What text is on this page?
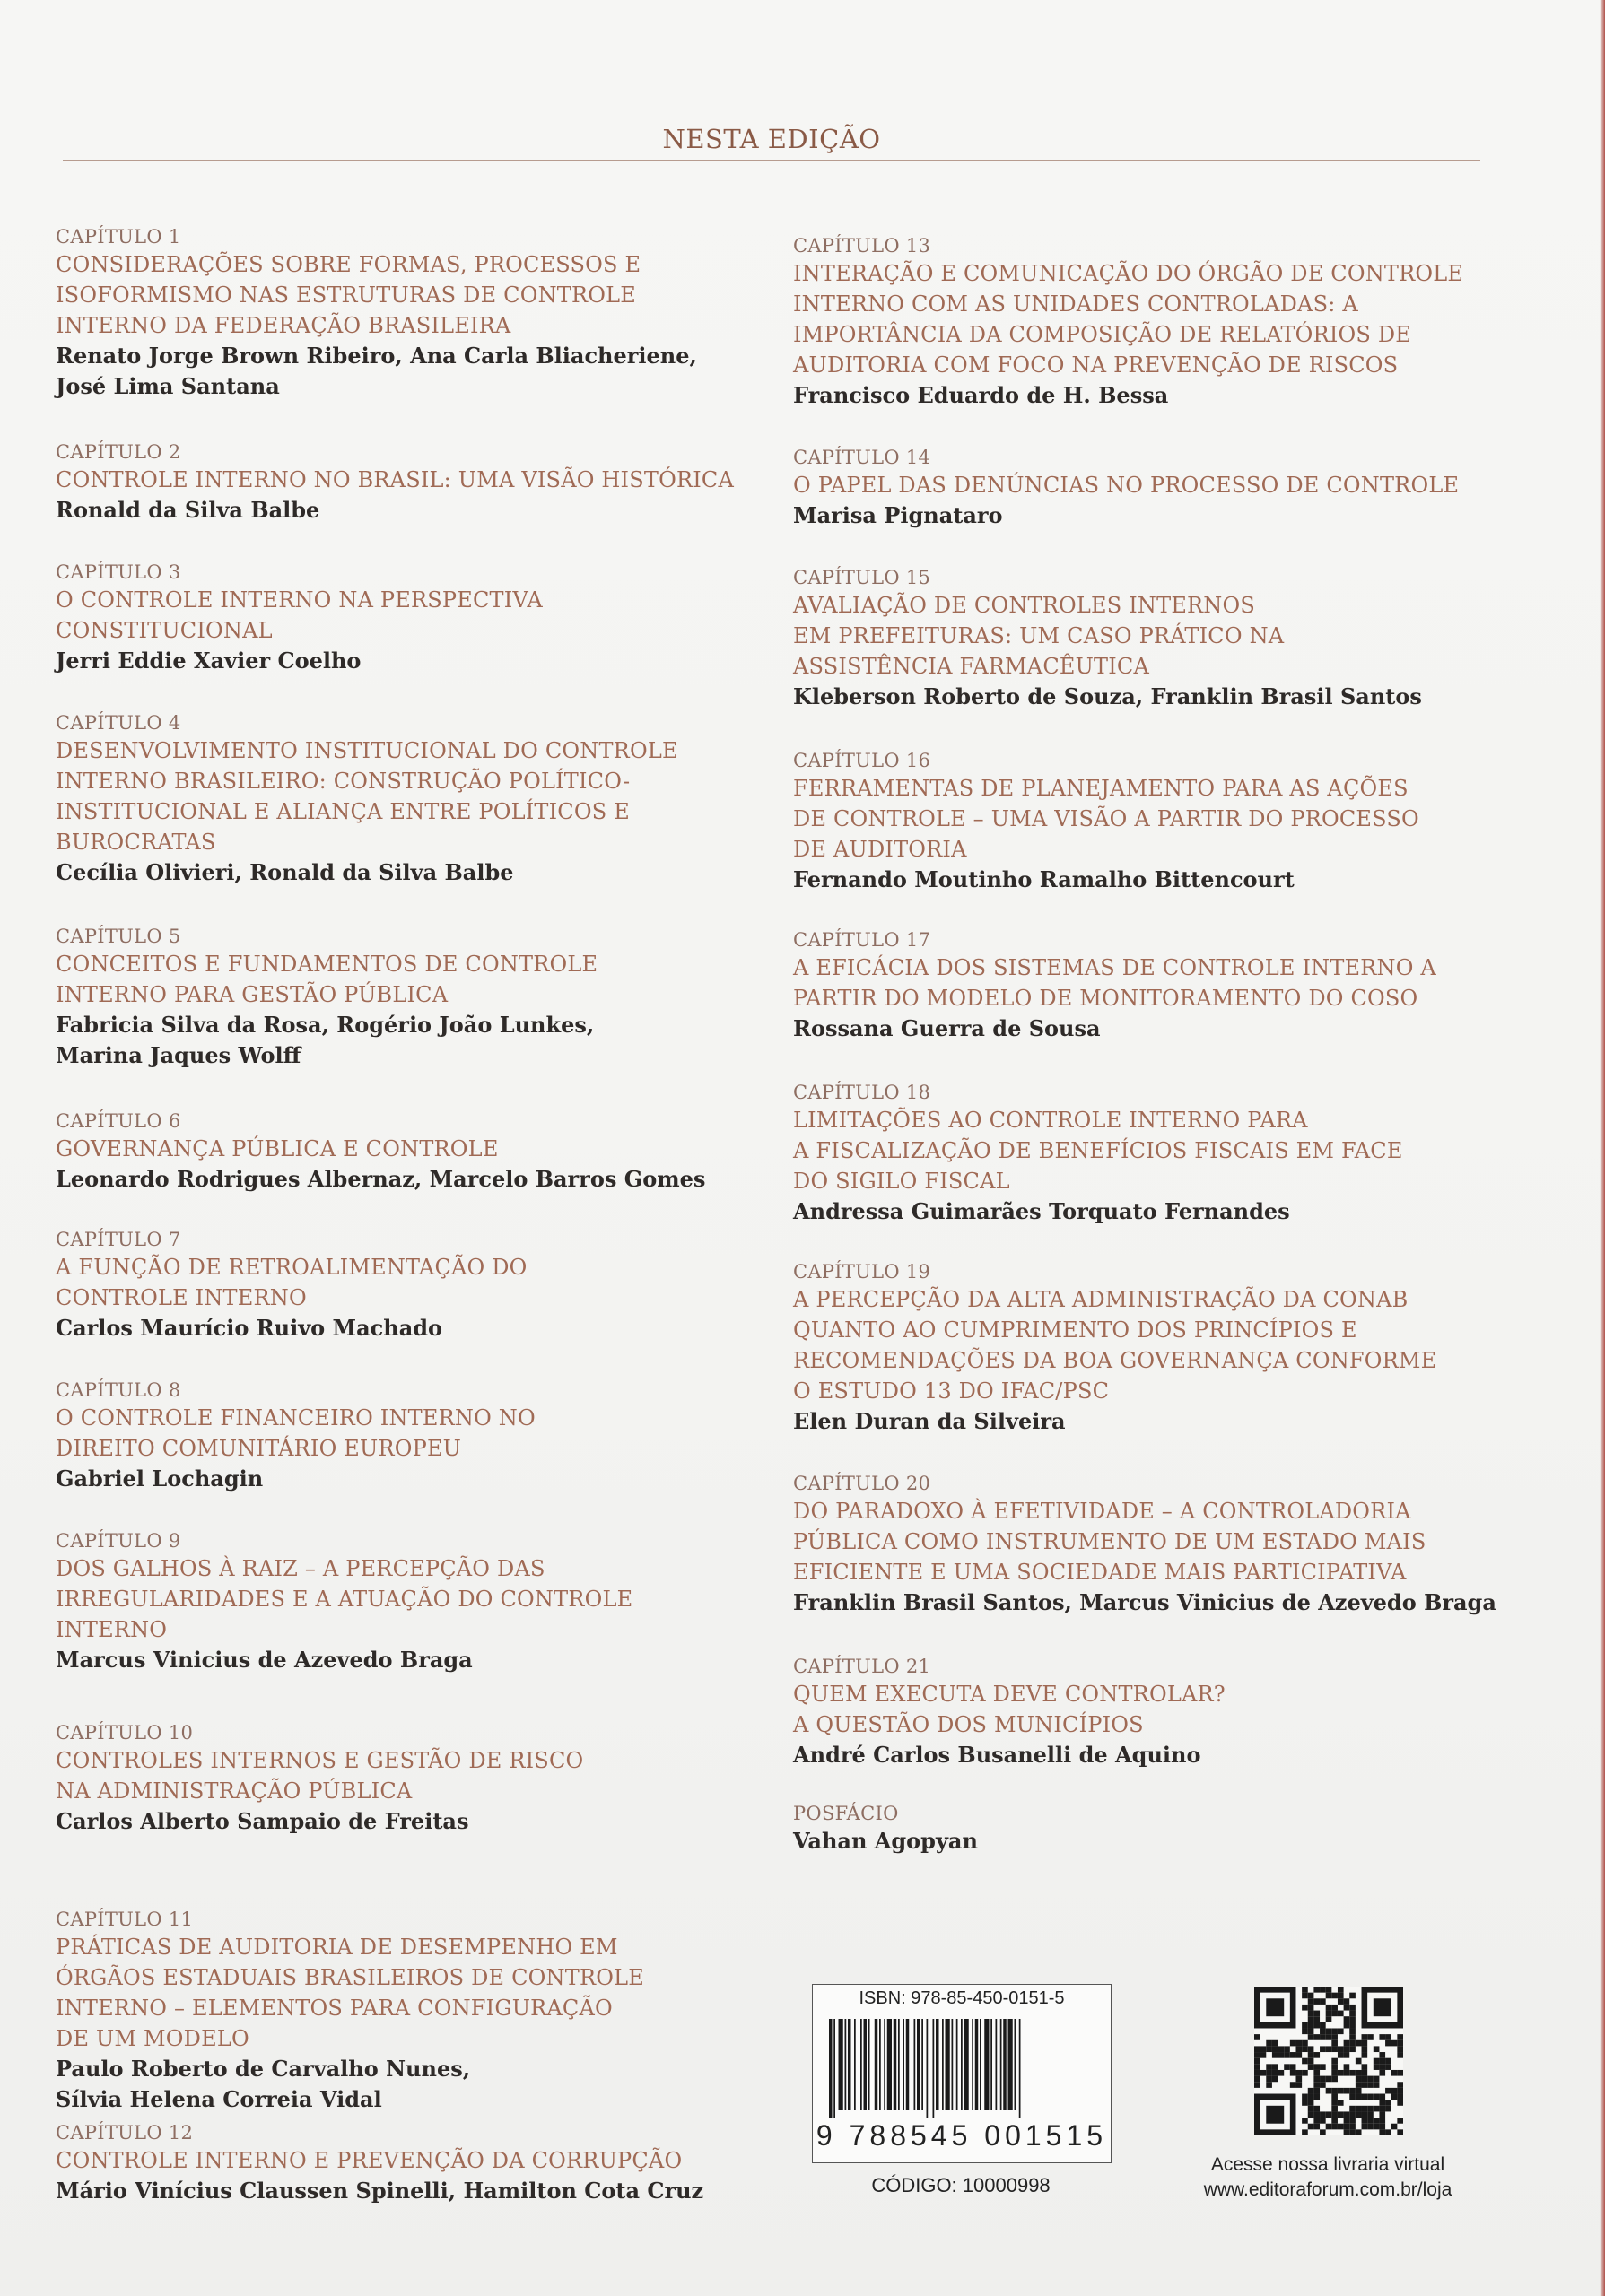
NESTA EDIÇÃO
CAPÍTULO 1
CONSIDERAÇÕES SOBRE FORMAS, PROCESSOS E
ISOFORMISMO NAS ESTRUTURAS DE CONTROLE
INTERNO DA FEDERAÇÃO BRASILEIRA
Renato Jorge Brown Ribeiro, Ana Carla Bliacheriene,
José Lima Santana
CAPÍTULO 2
CONTROLE INTERNO NO BRASIL: UMA VISÃO HISTÓRICA
Ronald da Silva Balbe
CAPÍTULO 3
O CONTROLE INTERNO NA PERSPECTIVA
CONSTITUCIONAL
Jerri Eddie Xavier Coelho
CAPÍTULO 4
DESENVOLVIMENTO INSTITUCIONAL DO CONTROLE
INTERNO BRASILEIRO: CONSTRUÇÃO POLÍTICO-
INSTITUCIONAL E ALIANÇA ENTRE POLÍTICOS E
BUROCRATAS
Cecília Olivieri, Ronald da Silva Balbe
CAPÍTULO 5
CONCEITOS E FUNDAMENTOS DE CONTROLE
INTERNO PARA GESTÃO PÚBLICA
Fabricia Silva da Rosa, Rogério João Lunkes,
Marina Jaques Wolff
CAPÍTULO 6
GOVERNANÇA PÚBLICA E CONTROLE
Leonardo Rodrigues Albernaz, Marcelo Barros Gomes
CAPÍTULO 7
A FUNÇÃO DE RETROALIMENTAÇÃO DO
CONTROLE INTERNO
Carlos Maurício Ruivo Machado
CAPÍTULO 8
O CONTROLE FINANCEIRO INTERNO NO
DIREITO COMUNITÁRIO EUROPEU
Gabriel Lochagin
CAPÍTULO 9
DOS GALHOS À RAIZ – A PERCEPÇÃO DAS
IRREGULARIDADES E A ATUAÇÃO DO CONTROLE
INTERNO
Marcus Vinicius de Azevedo Braga
CAPÍTULO 10
CONTROLES INTERNOS E GESTÃO DE RISCO
NA ADMINISTRAÇÃO PÚBLICA
Carlos Alberto Sampaio de Freitas
CAPÍTULO 11
PRÁTICAS DE AUDITORIA DE DESEMPENHO EM
ÓRGÃOS ESTADUAIS BRASILEIROS DE CONTROLE
INTERNO – ELEMENTOS PARA CONFIGURAÇÃO
DE UM MODELO
Paulo Roberto de Carvalho Nunes,
Sílvia Helena Correia Vidal
CAPÍTULO 12
CONTROLE INTERNO E PREVENÇÃO DA CORRUPÇÃO
Mário Vinícius Claussen Spinelli, Hamilton Cota Cruz
CAPÍTULO 13
INTERAÇÃO E COMUNICAÇÃO DO ÓRGÃO DE CONTROLE
INTERNO COM AS UNIDADES CONTROLADAS: A
IMPORTÂNCIA DA COMPOSIÇÃO DE RELATÓRIOS DE
AUDITORIA COM FOCO NA PREVENÇÃO DE RISCOS
Francisco Eduardo de H. Bessa
CAPÍTULO 14
O PAPEL DAS DENÚNCIAS NO PROCESSO DE CONTROLE
Marisa Pignataro
CAPÍTULO 15
AVALIAÇÃO DE CONTROLES INTERNOS
EM PREFEITURAS: UM CASO PRÁTICO NA
ASSISTÊNCIA FARMACÊUTICA
Kleberson Roberto de Souza, Franklin Brasil Santos
CAPÍTULO 16
FERRAMENTAS DE PLANEJAMENTO PARA AS AÇÕES
DE CONTROLE – UMA VISÃO A PARTIR DO PROCESSO
DE AUDITORIA
Fernando Moutinho Ramalho Bittencourt
CAPÍTULO 17
A EFICÁCIA DOS SISTEMAS DE CONTROLE INTERNO A
PARTIR DO MODELO DE MONITORAMENTO DO COSO
Rossana Guerra de Sousa
CAPÍTULO 18
LIMITAÇÕES AO CONTROLE INTERNO PARA
A FISCALIZAÇÃO DE BENEFÍCIOS FISCAIS EM FACE
DO SIGILO FISCAL
Andressa Guimarães Torquato Fernandes
CAPÍTULO 19
A PERCEPÇÃO DA ALTA ADMINISTRAÇÃO DA CONAB
QUANTO AO CUMPRIMENTO DOS PRINCÍPIOS E
RECOMENDAÇÕES DA BOA GOVERNANÇA CONFORME
O ESTUDO 13 DO IFAC/PSC
Elen Duran da Silveira
CAPÍTULO 20
DO PARADOXO À EFETIVIDADE – A CONTROLADORIA
PÚBLICA COMO INSTRUMENTO DE UM ESTADO MAIS
EFICIENTE E UMA SOCIEDADE MAIS PARTICIPATIVA
Franklin Brasil Santos, Marcus Vinicius de Azevedo Braga
CAPÍTULO 21
QUEM EXECUTA DEVE CONTROLAR?
A QUESTÃO DOS MUNICÍPIOS
André Carlos Busanelli de Aquino
POSFÁCIO
Vahan Agopyan
ISBN: 978-85-450-0151-5
9 788545 001515
CÓDIGO: 10000998
Acesse nossa livraria virtual
www.editoraforum.com.br/loja
